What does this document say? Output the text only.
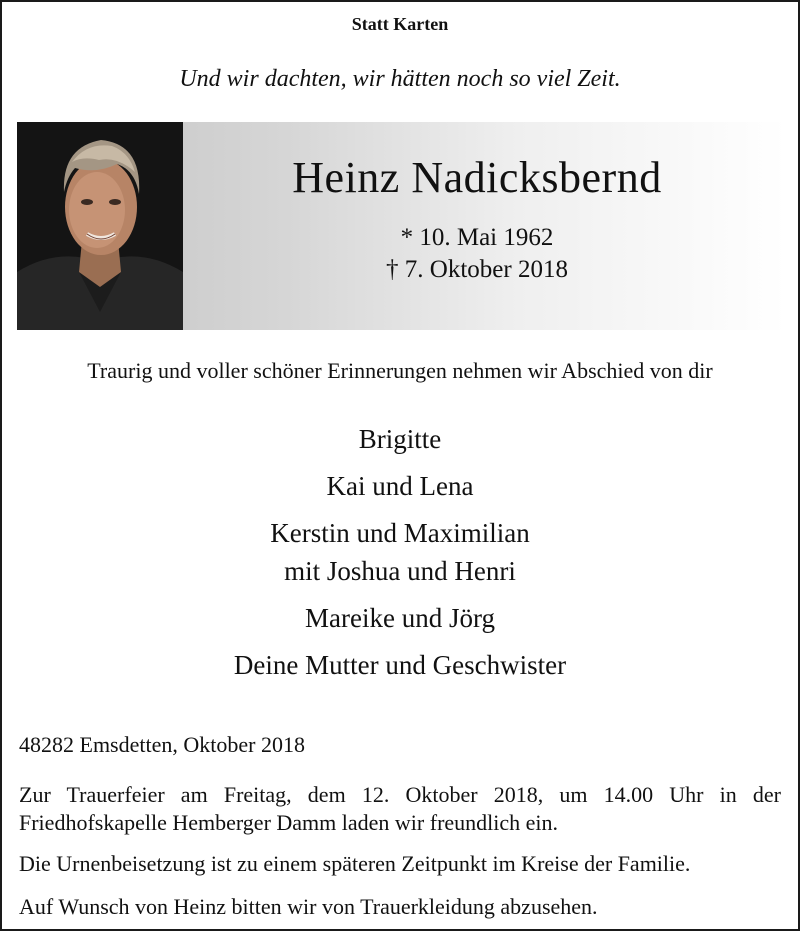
Statt Karten
Und wir dachten, wir hätten noch so viel Zeit.
Heinz Nadicksbernd
* 10. Mai 1962
† 7. Oktober 2018
Traurig und voller schöner Erinnerungen nehmen wir Abschied von dir
Brigitte
Kai und Lena
Kerstin und Maximilian
mit Joshua und Henri
Mareike und Jörg
Deine Mutter und Geschwister
48282 Emsdetten, Oktober 2018
Zur Trauerfeier am Freitag, dem 12. Oktober 2018, um 14.00 Uhr in der Friedhofskapelle Hemberger Damm laden wir freundlich ein.
Die Urnenbeisetzung ist zu einem späteren Zeitpunkt im Kreise der Familie.
Auf Wunsch von Heinz bitten wir von Trauerkleidung abzusehen.
